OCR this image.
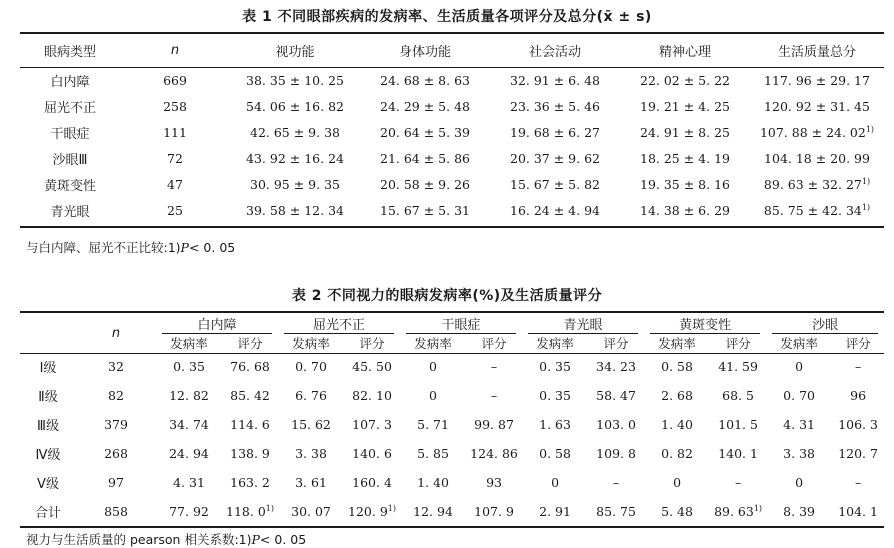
表 1 不同眼部疾病的发病率、生活质量各项评分及总分(x̄ ± s)
眼病类型	n	视功能	身体功能	社会活动	精神心理	生活质量总分
白内障	669	38. 35 ± 10. 25	24. 68 ± 8. 63	32. 91 ± 6. 48	22. 02 ± 5. 22	117. 96 ± 29. 17
屈光不正	258	54. 06 ± 16. 82	24. 29 ± 5. 48	23. 36 ± 5. 46	19. 21 ± 4. 25	120. 92 ± 31. 45
干眼症	111	42. 65 ± 9. 38	20. 64 ± 5. 39	19. 68 ± 6. 27	24. 91 ± 8. 25	107. 88 ± 24. 02$^{1)}$
沙眼Ⅲ	72	43. 92 ± 16. 24	21. 64 ± 5. 86	20. 37 ± 9. 62	18. 25 ± 4. 19	104. 18 ± 20. 99
黄斑变性	47	30. 95 ± 9. 35	20. 58 ± 9. 26	15. 67 ± 5. 82	19. 35 ± 8. 16	89. 63 ± 32. 27$^{1)}$
青光眼	25	39. 58 ± 12. 34	15. 67 ± 5. 31	16. 24 ± 4. 94	14. 38 ± 6. 29	85. 75 ± 42. 34$^{1)}$
与白内障、屈光不正比较:1)P< 0. 05
表 2 不同视力的眼病发病率(%)及生活质量评分
	n	白内障		屈光不正		干眼症		青光眼		黄斑变性		沙眼	

		发病率	评分	发病率	评分	发病率	评分	发病率	评分	发病率	评分	发病率	评分
Ⅰ级	32	0. 35	76. 68	0. 70	45. 50	0	–	0. 35	34. 23	0. 58	41. 59	0	–
Ⅱ级	82	12. 82	85. 42	6. 76	82. 10	0	–	0. 35	58. 47	2. 68	68. 5	0. 70	96
Ⅲ级	379	34. 74	114. 6	15. 62	107. 3	5. 71	99. 87	1. 63	103. 0	1. 40	101. 5	4. 31	106. 3
Ⅳ级	268	24. 94	138. 9	3. 38	140. 6	5. 85	124. 86	0. 58	109. 8	0. 82	140. 1	3. 38	120. 7
Ⅴ级	97	4. 31	163. 2	3. 61	160. 4	1. 40	93	0	–	0	–	0	–
合计	858	77. 92	118. 0$^{1)}$	30. 07	120. 9$^{1)}$	12. 94	107. 9	2. 91	85. 75	5. 48	89. 63$^{1)}$	8. 39	104. 1
视力与生活质量的 pearson 相关系数:1)P< 0. 05
